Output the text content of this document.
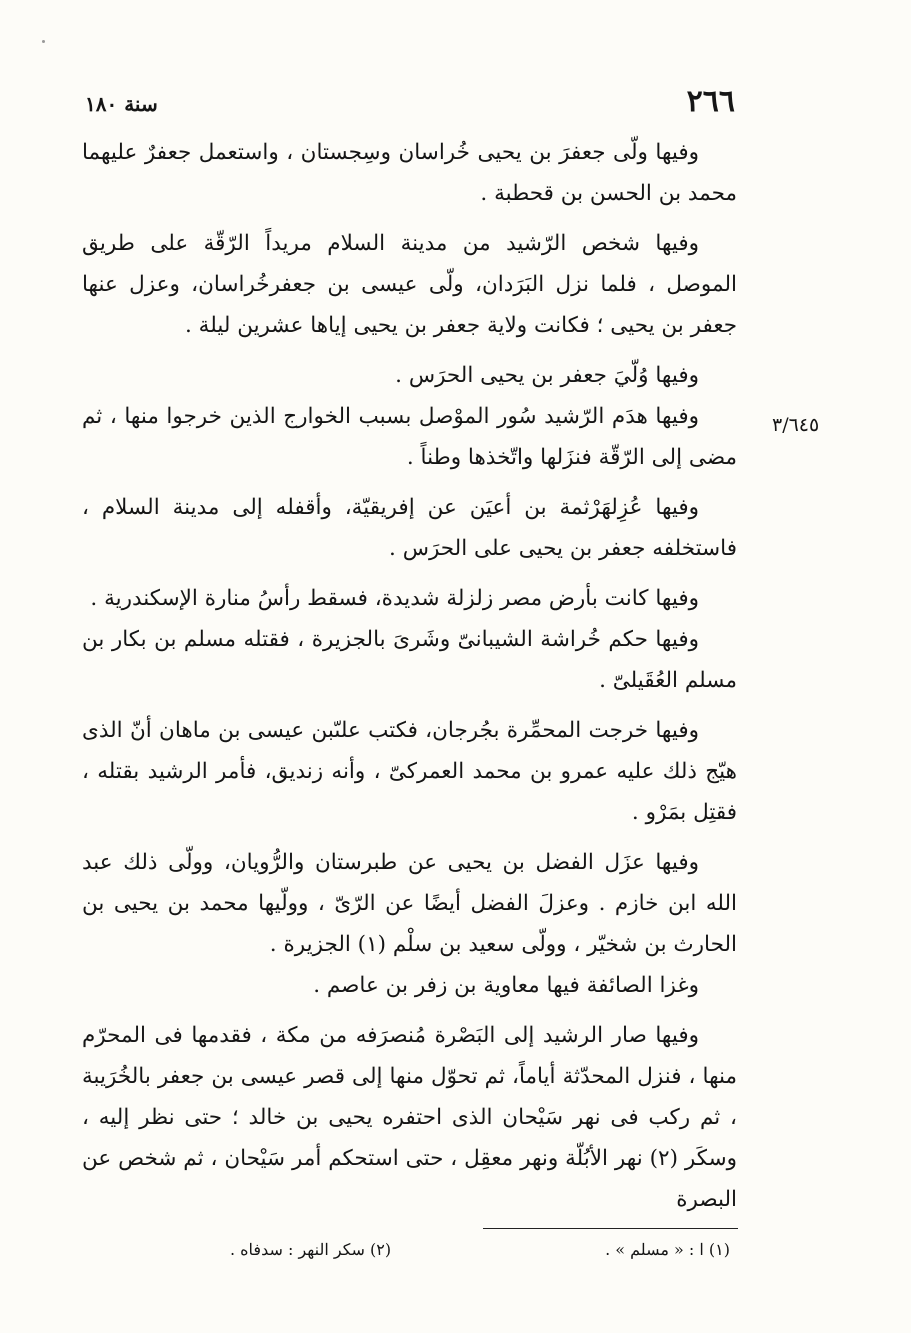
٢٦٦
سنة ١٨٠
٣/٦٤٥

وفيها ولّى جعفرَ بن يحيى خُراسان وسِجستان ، واستعمل جعفرٌ عليهما محمد بن الحسن بن قحطبة .

وفيها شخص الرّشيد من مدينة السلام مريداً الرّقّة على طريق الموصل ، فلما نزل البَرَدان، ولّى عيسى بن جعفرخُراسان، وعزل عنها جعفر بن يحيى ؛ فكانت ولاية جعفر بن يحيى إياها عشرين ليلة .

وفيها وُلّيَ جعفر بن يحيى الحرَس .

وفيها هدَم الرّشيد سُور الموْصل بسبب الخوارج الذين خرجوا منها ، ثم مضى إلى الرّقّة فنزَلها واتّخذها وطناً .

وفيها عُزِلهَرْثمة بن أعيَن عن إفريقيّة، وأقفله إلى مدينة السلام ، فاستخلفه جعفر بن يحيى على الحرَس .

وفيها كانت بأرض مصر زلزلة شديدة، فسقط رأسُ منارة الإسكندرية .

وفيها حكم خُراشة الشيبانىّ وشَرىَ بالجزيرة ، فقتله مسلم بن بكار بن مسلم العُقَيلىّ .

وفيها خرجت المحمِّرة بجُرجان، فكتب علىّبن عيسى بن ماهان أنّ الذى هيّج ذلك عليه عمرو بن محمد العمركىّ ، وأنه زنديق، فأمر الرشيد بقتله ، فقتِل بمَرْو .

وفيها عزَل الفضل بن يحيى عن طبرستان والرُّويان، وولّى ذلك عبد الله ابن خازم . وعزلَ الفضل أيضًا عن الرّىّ ، وولّيها محمد بن يحيى بن الحارث بن شخيّر ، وولّى سعيد بن سلْم (١) الجزيرة .

وغزا الصائفة فيها معاوية بن زفر بن عاصم .

وفيها صار الرشيد إلى البَصْرة مُنصرَفه من مكة ، فقدمها فى المحرّم منها ، فنزل المحدّثة أياماً، ثم تحوّل منها إلى قصر عيسى بن جعفر بالخُرَيبة ، ثم ركب فى نهر سَيْحان الذى احتفره يحيى بن خالد ؛ حتى نظر إليه ، وسكَر (٢) نهر الأبُلّة ونهر معقِل ، حتى استحكم أمر سَيْحان ، ثم شخص عن البصرة

(١) ا : « مسلم » .
(٢) سكر النهر : سدفاه .
